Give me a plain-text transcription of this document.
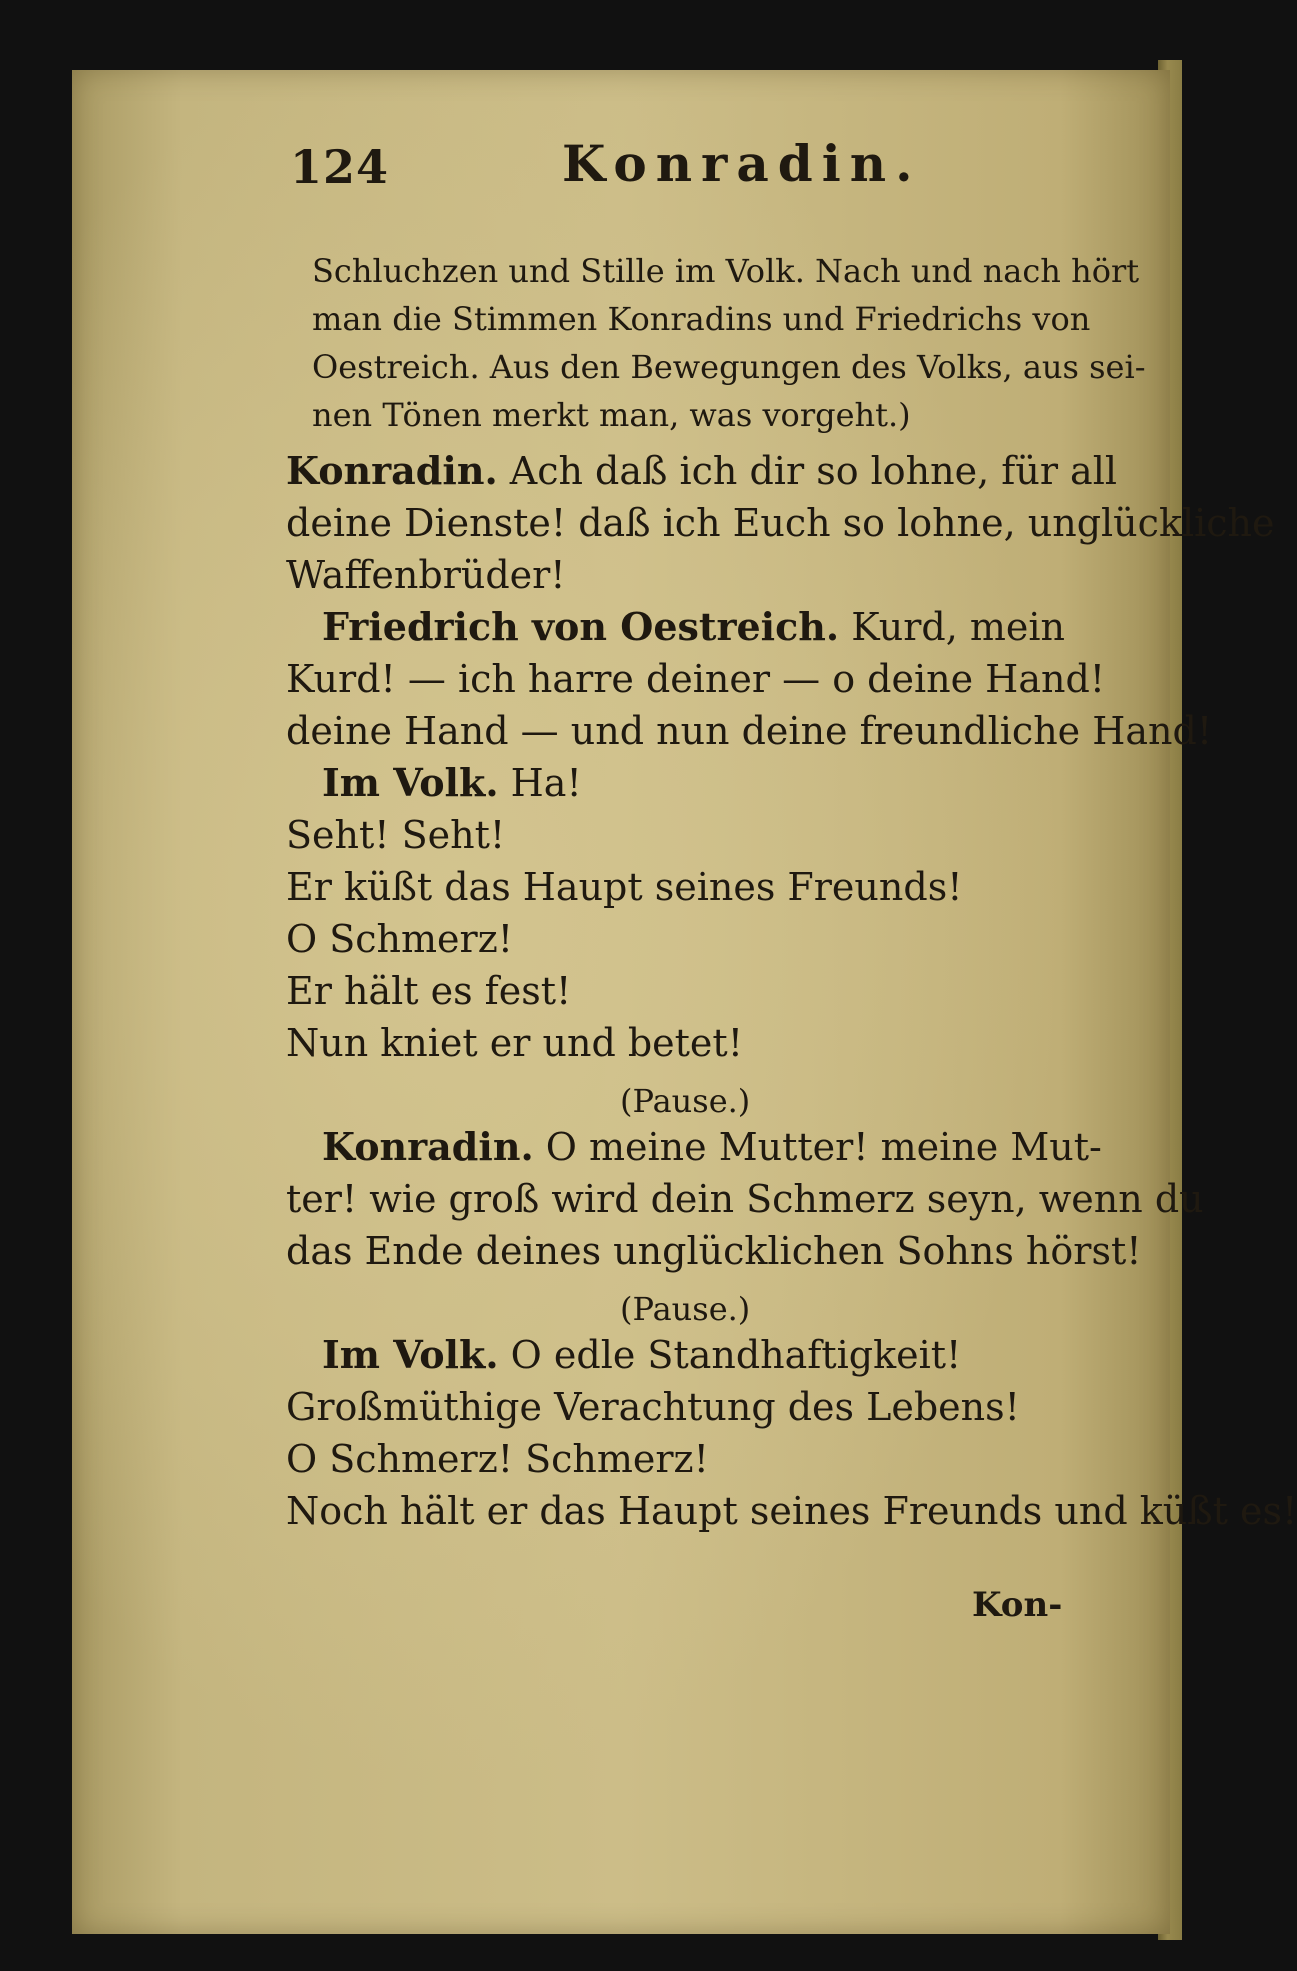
124	Konradin.
Schluchzen und Stille im Volk. Nach und nach hört
man die Stimmen Konradins und Friedrichs von
Oestreich. Aus den Bewegungen des Volks, aus sei-
nen Tönen merkt man, was vorgeht.)
Konradin. Ach daß ich dir so lohne, für all
deine Dienste! daß ich Euch so lohne, unglückliche
Waffenbrüder!
Friedrich von Oestreich. Kurd, mein
Kurd! — ich harre deiner — o deine Hand!
deine Hand — und nun deine freundliche Hand!
Im Volk. Ha!
Seht! Seht!
Er küßt das Haupt seines Freunds!
O Schmerz!
Er hält es fest!
Nun kniet er und betet!
(Pause.)
Konradin. O meine Mutter! meine Mut-
ter! wie groß wird dein Schmerz seyn, wenn du
das Ende deines unglücklichen Sohns hörst!
(Pause.)
Im Volk. O edle Standhaftigkeit!
Großmüthige Verachtung des Lebens!
O Schmerz! Schmerz!
Noch hält er das Haupt seines Freunds und küßt es!
Kon-
